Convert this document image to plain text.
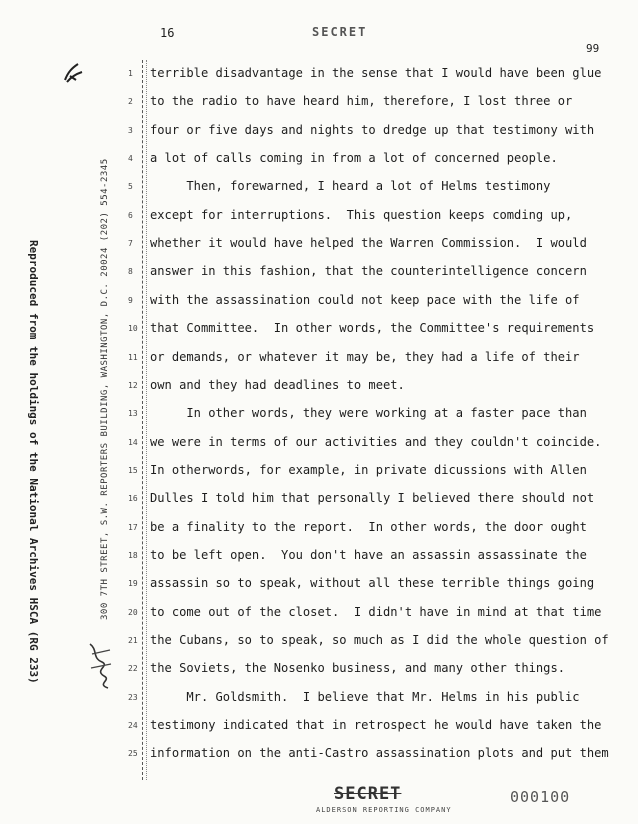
16	SECRET
99
300 7TH STREET, S.W. REPORTERS BUILDING, WASHINGTON, D.C. 20024 (202) 554-2345
Reproduced from the holdings of the National Archives HSCA (RG 233)
1
2
3
4
5
6
7
8
9
10
11
12
13
14
15
16
17
18
19
20
21
22
23
24
25
terrible disadvantage in the sense that I would have been glue
to the radio to have heard him, therefore, I lost three or
four or five days and nights to dredge up that testimony with
a lot of calls coming in from a lot of concerned people.
Then, forewarned, I heard a lot of Helms testimony
except for interruptions.  This question keeps comding up,
whether it would have helped the Warren Commission.  I would
answer in this fashion, that the counterintelligence concern
with the assassination could not keep pace with the life of
that Committee.  In other words, the Committee's requirements
or demands, or whatever it may be, they had a life of their
own and they had deadlines to meet.
In other words, they were working at a faster pace than
we were in terms of our activities and they couldn't coincide.
In otherwords, for example, in private dicussions with Allen
Dulles I told him that personally I believed there should not
be a finality to the report.  In other words, the door ought
to be left open.  You don't have an assassin assassinate the
assassin so to speak, without all these terrible things going
to come out of the closet.  I didn't have in mind at that time
the Cubans, so to speak, so much as I did the whole question of
the Soviets, the Nosenko business, and many other things.
Mr. Goldsmith.  I believe that Mr. Helms in his public
testimony indicated that in retrospect he would have taken the
information on the anti-Castro assassination plots and put them
SECRET	000100
ALDERSON REPORTING COMPANY
